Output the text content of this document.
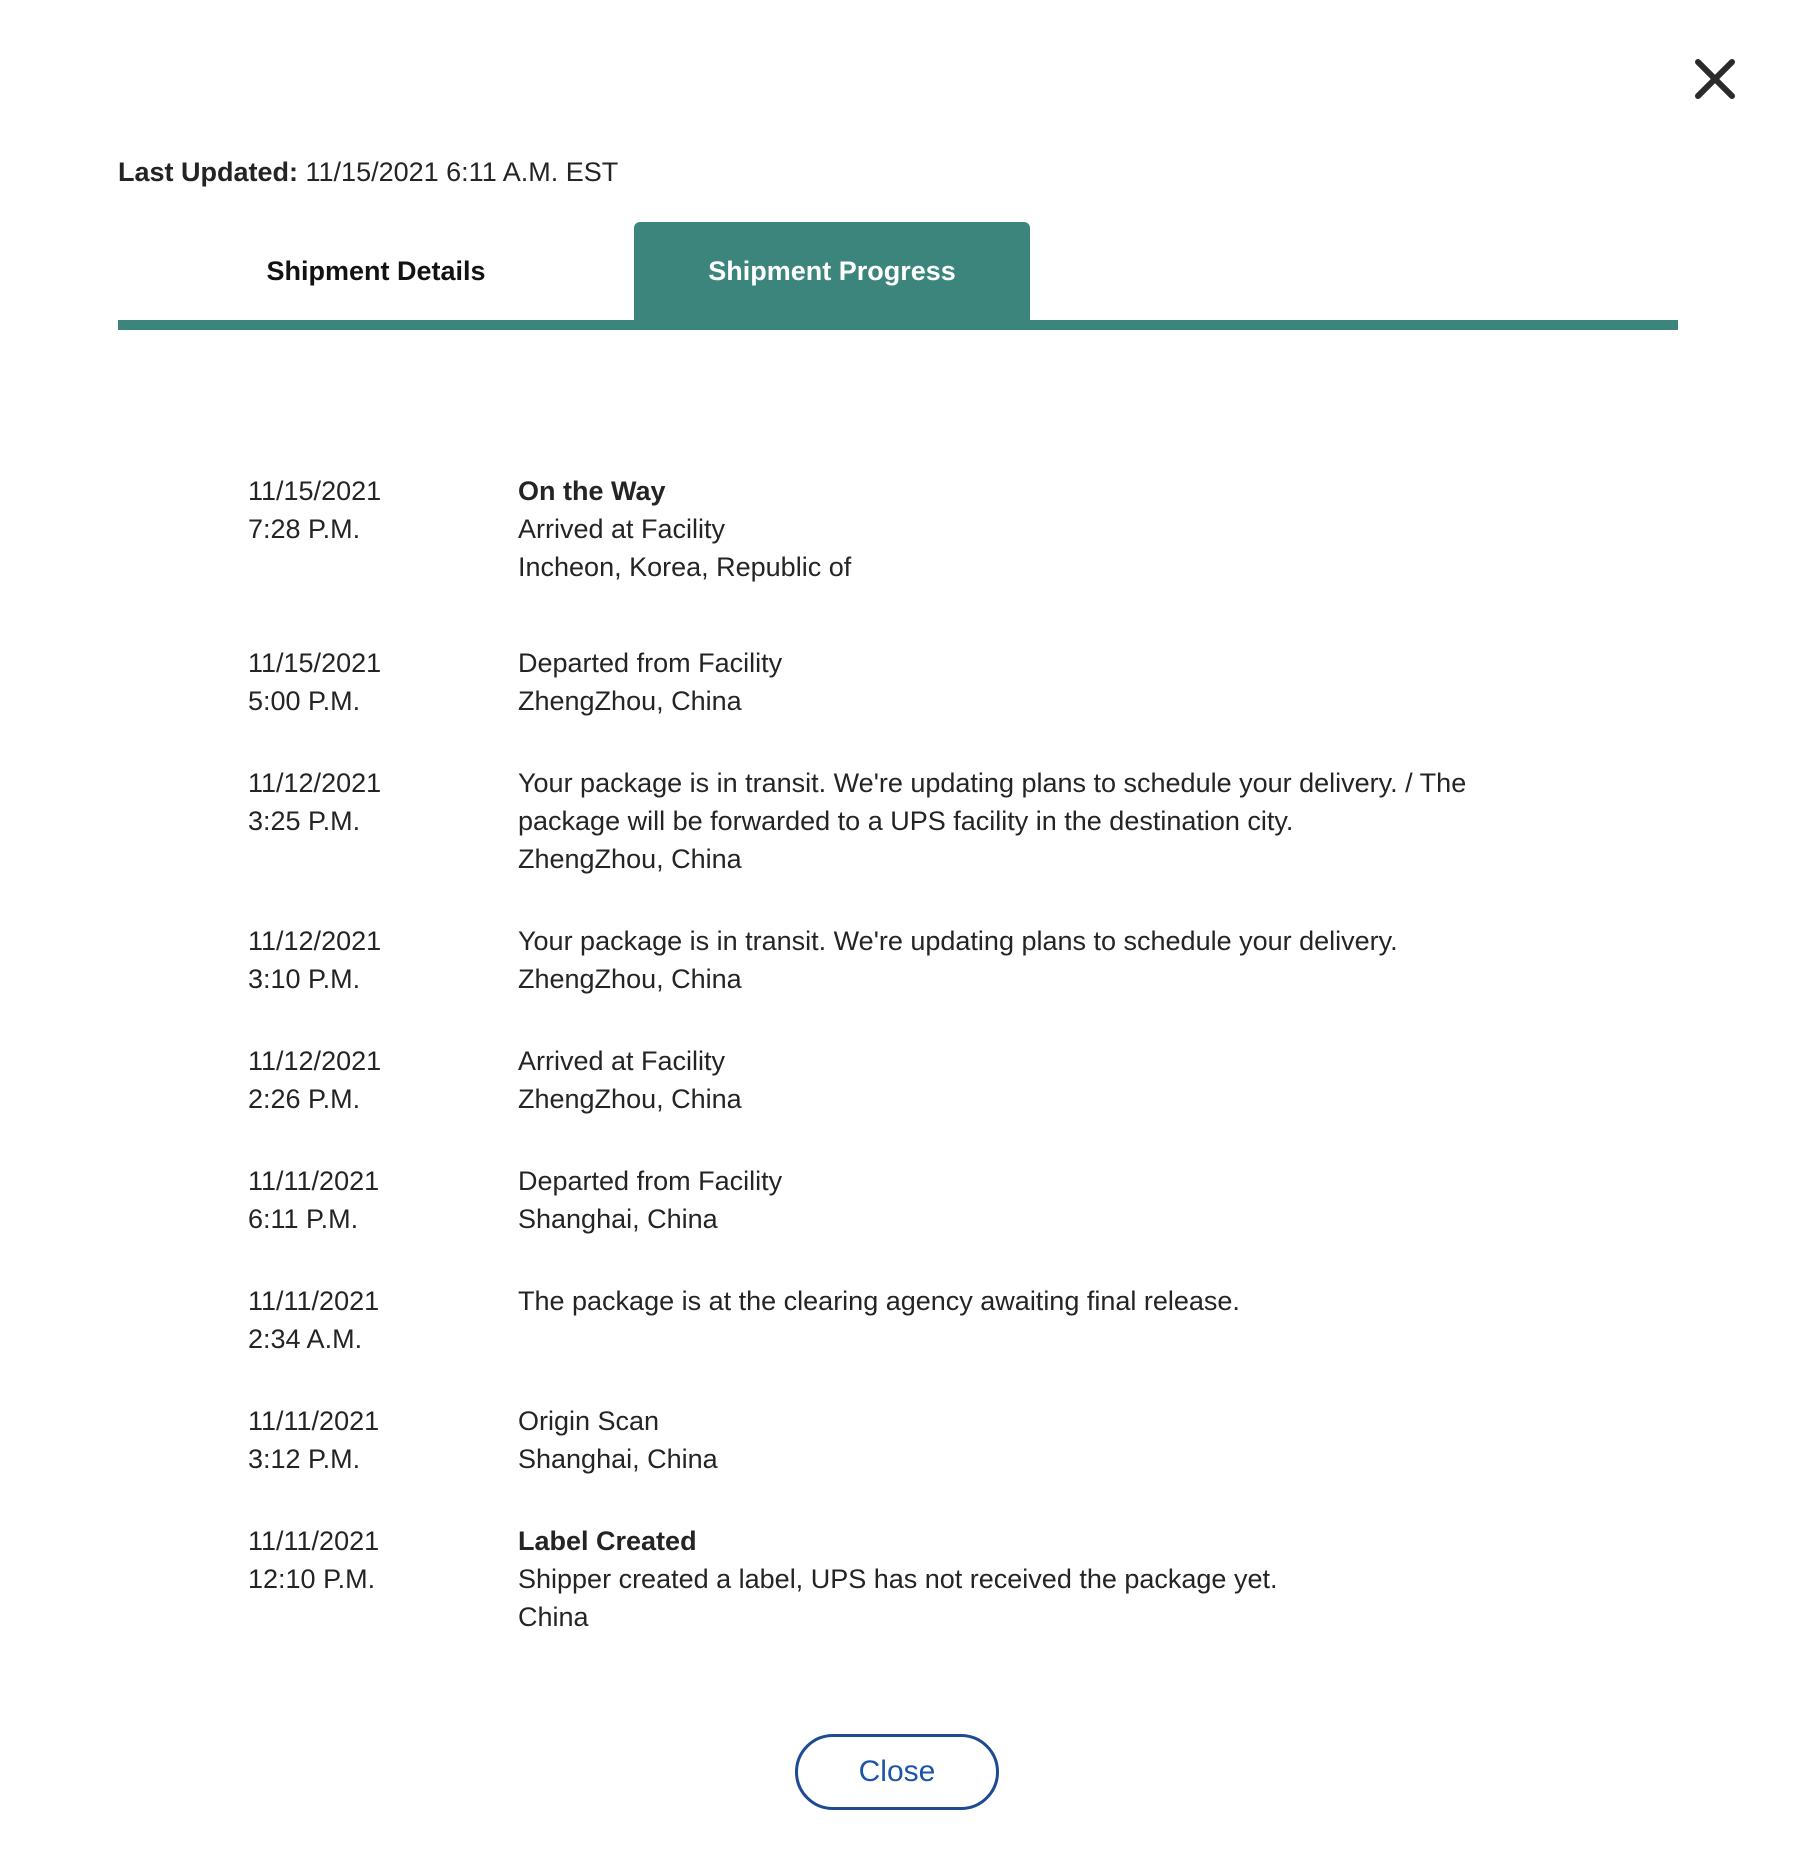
Last Updated: 11/15/2021 6:11 A.M. EST
Shipment Details	Shipment Progress
11/15/2021
7:28 P.M.
On the Way
Arrived at Facility
Incheon, Korea, Republic of
11/15/2021
5:00 P.M.
Departed from Facility
ZhengZhou, China
11/12/2021
3:25 P.M.
Your package is in transit. We're updating plans to schedule your delivery. / The
package will be forwarded to a UPS facility in the destination city.
ZhengZhou, China
11/12/2021
3:10 P.M.
Your package is in transit. We're updating plans to schedule your delivery.
ZhengZhou, China
11/12/2021
2:26 P.M.
Arrived at Facility
ZhengZhou, China
11/11/2021
6:11 P.M.
Departed from Facility
Shanghai, China
11/11/2021
2:34 A.M.
The package is at the clearing agency awaiting final release.
11/11/2021
3:12 P.M.
Origin Scan
Shanghai, China
11/11/2021
12:10 P.M.
Label Created
Shipper created a label, UPS has not received the package yet.
China
Close
